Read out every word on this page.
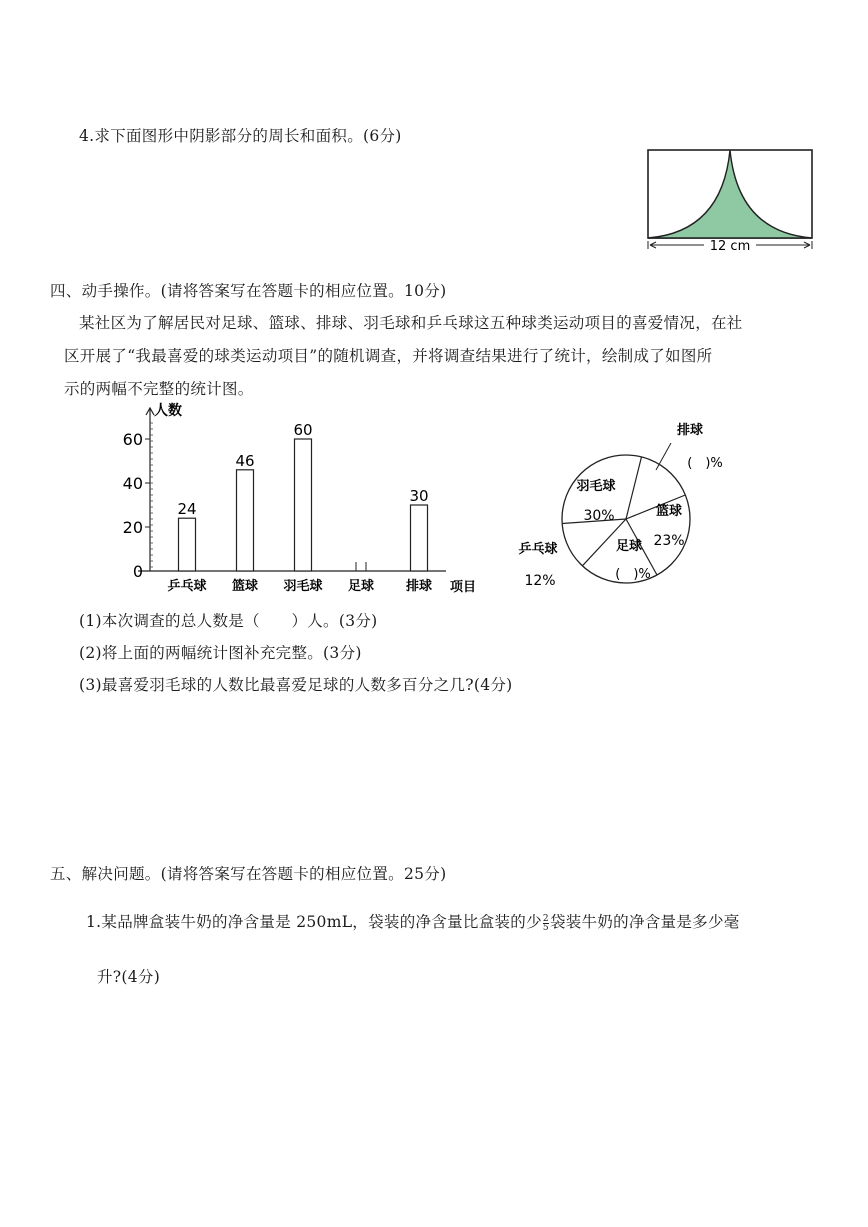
4.求下面图形中阴影部分的周长和面积。(6分)
12 cm
四、动手操作。(请将答案写在答题卡的相应位置。10分)
某社区为了解居民对足球、篮球、排球、羽毛球和乒乓球这五种球类运动项目的喜爱情况，在社
区开展了“我最喜爱的球类运动项目”的随机调查，并将调查结果进行了统计，绘制成了如图所
示的两幅不完整的统计图。
人数
项目
0
20
40
60
乒乓球
24
篮球
46
羽毛球
60
足球 排球
30
排球
(　)%
篮球
23%
足球
(　)%
乒乓球
12%
羽毛球
30%
(1)本次调查的总人数是（　　）人。(3分)
(2)将上面的两幅统计图补充完整。(3分)
(3)最喜爱羽毛球的人数比最喜爱足球的人数多百分之几?(4分)
五、解决问题。(请将答案写在答题卡的相应位置。25分)
1.某品牌盒装牛奶的净含量是 250mL，袋装的净含量比盒装的少 $\frac{2}{5}$ 袋装牛奶的净含量是多少毫
升?(4分)
